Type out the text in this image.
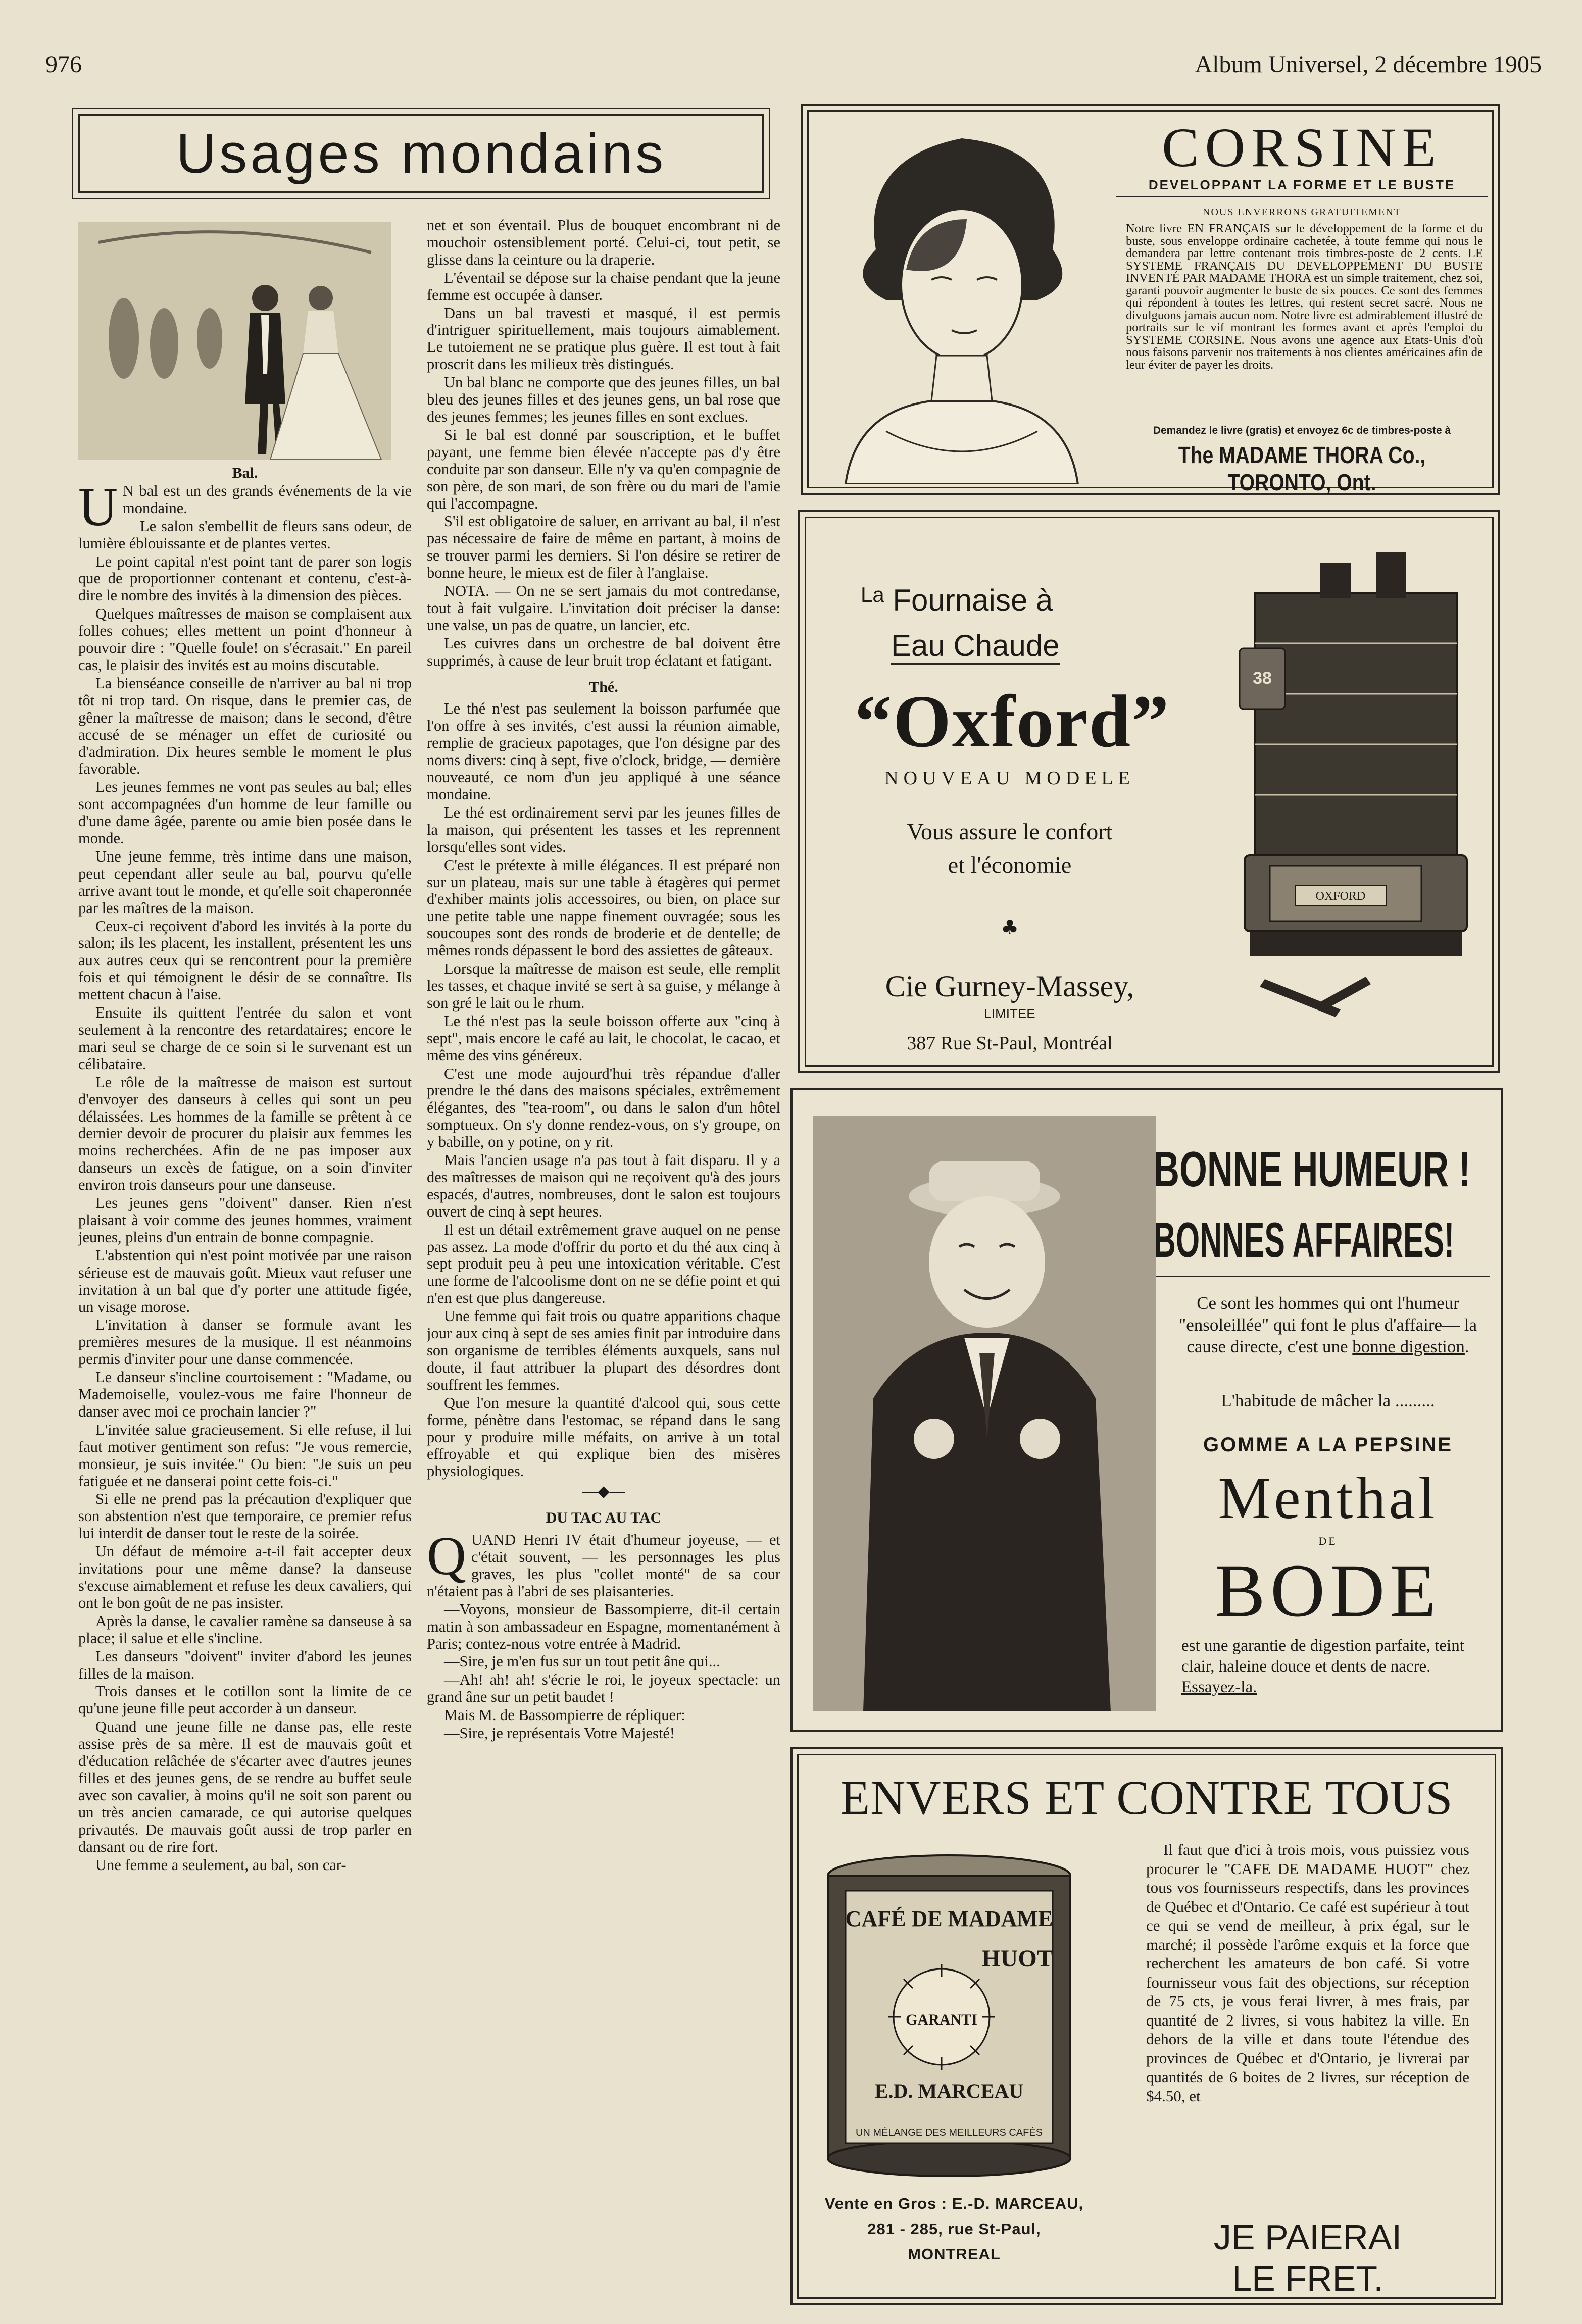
976	Album Universel, 2 décembre 1905
Usages mondains

Bal.

U N bal est un des grands événements de la vie mondaine.

Le salon s'embellit de fleurs sans odeur, de lumière éblouissante et de plantes vertes.

Le point capital n'est point tant de parer son logis que de proportionner contenant et contenu, c'est-à-dire le nombre des invités à la dimension des pièces.

Quelques maîtresses de maison se complaisent aux folles cohues; elles mettent un point d'honneur à pouvoir dire : "Quelle foule! on s'écrasait." En pareil cas, le plaisir des invités est au moins discutable.

La bienséance conseille de n'arriver au bal ni trop tôt ni trop tard. On risque, dans le premier cas, de gêner la maîtresse de maison; dans le second, d'être accusé de se ménager un effet de curiosité ou d'admiration. Dix heures semble le moment le plus favorable.

Les jeunes femmes ne vont pas seules au bal; elles sont accompagnées d'un homme de leur famille ou d'une dame âgée, parente ou amie bien posée dans le monde.

Une jeune femme, très intime dans une maison, peut cependant aller seule au bal, pourvu qu'elle arrive avant tout le monde, et qu'elle soit chaperonnée par les maîtres de la maison.

Ceux-ci reçoivent d'abord les invités à la porte du salon; ils les placent, les installent, présentent les uns aux autres ceux qui se rencontrent pour la première fois et qui témoignent le désir de se connaître. Ils mettent chacun à l'aise.

Ensuite ils quittent l'entrée du salon et vont seulement à la rencontre des retardataires; encore le mari seul se charge de ce soin si le survenant est un célibataire.

Le rôle de la maîtresse de maison est surtout d'envoyer des danseurs à celles qui sont un peu délaissées. Les hommes de la famille se prêtent à ce dernier devoir de procurer du plaisir aux femmes les moins recherchées. Afin de ne pas imposer aux danseurs un excès de fatigue, on a soin d'inviter environ trois danseurs pour une danseuse.

Les jeunes gens "doivent" danser. Rien n'est plaisant à voir comme des jeunes hommes, vraiment jeunes, pleins d'un entrain de bonne compagnie.

L'abstention qui n'est point motivée par une raison sérieuse est de mauvais goût. Mieux vaut refuser une invitation à un bal que d'y porter une attitude figée, un visage morose.

L'invitation à danser se formule avant les premières mesures de la musique. Il est néanmoins permis d'inviter pour une danse commencée.

Le danseur s'incline courtoisement : "Madame, ou Mademoiselle, voulez-vous me faire l'honneur de danser avec moi ce prochain lancier ?"

L'invitée salue gracieusement. Si elle refuse, il lui faut motiver gentiment son refus: "Je vous remercie, monsieur, je suis invitée." Ou bien: "Je suis un peu fatiguée et ne danserai point cette fois-ci."

Si elle ne prend pas la précaution d'expliquer que son abstention n'est que temporaire, ce premier refus lui interdit de danser tout le reste de la soirée.

Un défaut de mémoire a-t-il fait accepter deux invitations pour une même danse? la danseuse s'excuse aimablement et refuse les deux cavaliers, qui ont le bon goût de ne pas insister.

Après la danse, le cavalier ramène sa danseuse à sa place; il salue et elle s'incline.

Les danseurs "doivent" inviter d'abord les jeunes filles de la maison.

Trois danses et le cotillon sont la limite de ce qu'une jeune fille peut accorder à un danseur.

Quand une jeune fille ne danse pas, elle reste assise près de sa mère. Il est de mauvais goût et d'éducation relâchée de s'écarter avec d'autres jeunes filles et des jeunes gens, de se rendre au buffet seule avec son cavalier, à moins qu'il ne soit son parent ou un très ancien camarade, ce qui autorise quelques privautés. De mauvais goût aussi de trop parler en dansant ou de rire fort.

Une femme a seulement, au bal, son car-

net et son éventail. Plus de bouquet encombrant ni de mouchoir ostensiblement porté. Celui-ci, tout petit, se glisse dans la ceinture ou la draperie.

L'éventail se dépose sur la chaise pendant que la jeune femme est occupée à danser.

Dans un bal travesti et masqué, il est permis d'intriguer spirituellement, mais toujours aimablement. Le tutoiement ne se pratique plus guère. Il est tout à fait proscrit dans les milieux très distingués.

Un bal blanc ne comporte que des jeunes filles, un bal bleu des jeunes filles et des jeunes gens, un bal rose que des jeunes femmes; les jeunes filles en sont exclues.

Si le bal est donné par souscription, et le buffet payant, une femme bien élevée n'accepte pas d'y être conduite par son danseur. Elle n'y va qu'en compagnie de son père, de son mari, de son frère ou du mari de l'amie qui l'accompagne.

S'il est obligatoire de saluer, en arrivant au bal, il n'est pas nécessaire de faire de même en partant, à moins de se trouver parmi les derniers. Si l'on désire se retirer de bonne heure, le mieux est de filer à l'anglaise.

NOTA. — On ne se sert jamais du mot contredanse, tout à fait vulgaire. L'invitation doit préciser la danse: une valse, un pas de quatre, un lancier, etc.

Les cuivres dans un orchestre de bal doivent être supprimés, à cause de leur bruit trop éclatant et fatigant.

Thé.

Le thé n'est pas seulement la boisson parfumée que l'on offre à ses invités, c'est aussi la réunion aimable, remplie de gracieux papotages, que l'on désigne par des noms divers: cinq à sept, five o'clock, bridge, — dernière nouveauté, ce nom d'un jeu appliqué à une séance mondaine.

Le thé est ordinairement servi par les jeunes filles de la maison, qui présentent les tasses et les reprennent lorsqu'elles sont vides.

C'est le prétexte à mille élégances. Il est préparé non sur un plateau, mais sur une table à étagères qui permet d'exhiber maints jolis accessoires, ou bien, on place sur une petite table une nappe finement ouvragée; sous les soucoupes sont des ronds de broderie et de dentelle; de mêmes ronds dépassent le bord des assiettes de gâteaux.

Lorsque la maîtresse de maison est seule, elle remplit les tasses, et chaque invité se sert à sa guise, y mélange à son gré le lait ou le rhum.

Le thé n'est pas la seule boisson offerte aux "cinq à sept", mais encore le café au lait, le chocolat, le cacao, et même des vins généreux.

C'est une mode aujourd'hui très répandue d'aller prendre le thé dans des maisons spéciales, extrêmement élégantes, des "tea-room", ou dans le salon d'un hôtel somptueux. On s'y donne rendez-vous, on s'y groupe, on y babille, on y potine, on y rit.

Mais l'ancien usage n'a pas tout à fait disparu. Il y a des maîtresses de maison qui ne reçoivent qu'à des jours espacés, d'autres, nombreuses, dont le salon est toujours ouvert de cinq à sept heures.

Il est un détail extrêmement grave auquel on ne pense pas assez. La mode d'offrir du porto et du thé aux cinq à sept produit peu à peu une intoxication véritable. C'est une forme de l'alcoolisme dont on ne se défie point et qui n'en est que plus dangereuse.

Une femme qui fait trois ou quatre apparitions chaque jour aux cinq à sept de ses amies finit par introduire dans son organisme de terribles éléments auxquels, sans nul doute, il faut attribuer la plupart des désordres dont souffrent les femmes.

Que l'on mesure la quantité d'alcool qui, sous cette forme, pénètre dans l'estomac, se répand dans le sang pour y produire mille méfaits, on arrive à un total effroyable et qui explique bien des misères physiologiques.

—◆—

DU TAC AU TAC

Q UAND Henri IV était d'humeur joyeuse, — et c'était souvent, — les personnages les plus graves, les plus "collet monté" de sa cour n'étaient pas à l'abri de ses plaisanteries.

—Voyons, monsieur de Bassompierre, dit-il certain matin à son ambassadeur en Espagne, momentanément à Paris; contez-nous votre entrée à Madrid.

—Sire, je m'en fus sur un tout petit âne qui...

—Ah! ah! ah! s'écrie le roi, le joyeux spectacle: un grand âne sur un petit baudet !

Mais M. de Bassompierre de répliquer:

—Sire, je représentais Votre Majesté!

CORSINE
DEVELOPPANT LA FORME ET LE BUSTE
NOUS ENVERRONS GRATUITEMENT
Notre livre EN FRANÇAIS sur le développement de la forme et du buste, sous enveloppe ordinaire cachetée, à toute femme qui nous le demandera par lettre contenant trois timbres-poste de 2 cents. LE SYSTEME FRANÇAIS DU DEVELOPPEMENT DU BUSTE INVENTÉ PAR MADAME THORA est un simple traitement, chez soi, garanti pouvoir augmenter le buste de six pouces. Ce sont des femmes qui répondent à toutes les lettres, qui restent secret sacré. Nous ne divulguons jamais aucun nom. Notre livre est admirablement illustré de portraits sur le vif montrant les formes avant et après l'emploi du SYSTEME CORSINE. Nous avons une agence aux Etats-Unis d'où nous faisons parvenir nos traitements à nos clientes américaines afin de leur éviter de payer les droits.
Demandez le livre (gratis) et envoyez 6c de timbres-poste à
The MADAME THORA Co., TORONTO, Ont.
$^{La}$ Fournaise à
Eau Chaude
“Oxford”
NOUVEAU MODELE
Vous assure le confort
et l'économie
♣
Cie Gurney-Massey,
LIMITEE
387 Rue St-Paul, Montréal
38
OXFORD
BONNE HUMEUR !
BONNES AFFAIRES!
Ce sont les hommes qui ont l'humeur "ensoleillée" qui font le plus d'affaire— la cause directe, c'est une bonne digestion.
L'habitude de mâcher la .........
GOMME A LA PEPSINE
Menthal
DE
BODE
est une garantie de digestion parfaite, teint clair, haleine douce et dents de nacre. Essayez-la.
ENVERS ET CONTRE TOUS
CAFÉ DE MADAME
HUOT
GARANTI
E.D. MARCEAU
UN MÉLANGE DES MEILLEURS CAFÉS
Il faut que d'ici à trois mois, vous puissiez vous procurer le "CAFE DE MADAME HUOT" chez tous vos fournisseurs respectifs, dans les provinces de Québec et d'Ontario. Ce café est supérieur à tout ce qui se vend de meilleur, à prix égal, sur le marché; il possède l'arôme exquis et la force que recherchent les amateurs de bon café. Si votre fournisseur vous fait des objections, sur réception de 75 cts, je vous ferai livrer, à mes frais, par quantité de 2 livres, si vous habitez la ville. En dehors de la ville et dans toute l'étendue des provinces de Québec et d'Ontario, je livrerai par quantités de 6 boites de 2 livres, sur réception de $4.50, et
Vente en Gros : E.-D. MARCEAU,
281 - 285, rue St-Paul,
MONTREAL	JE PAIERAI
LE FRET.
